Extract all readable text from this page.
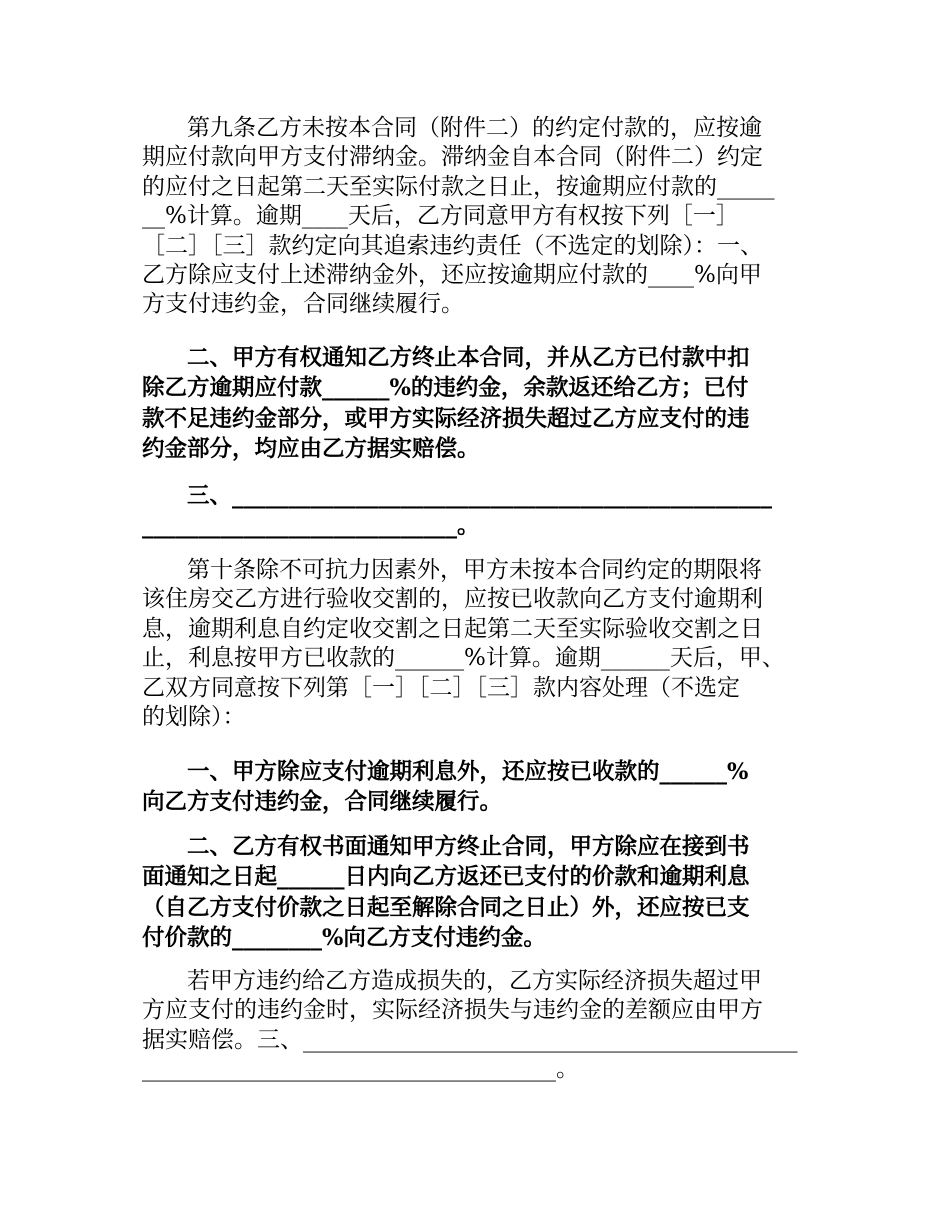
第九条乙方未按本合同（附件二）的约定付款的，应按逾
期应付款向甲方支付滞纳金。滞纳金自本合同（附件二）约定
的应付之日起第二天至实际付款之日止，按逾期应付款的_____
__%计算。逾期____天后，乙方同意甲方有权按下列［一］
［二］［三］款约定向其追索违约责任（不选定的划除）：一、
乙方除应支付上述滞纳金外，还应按逾期应付款的____%向甲
方支付违约金，合同继续履行。
二、甲方有权通知乙方终止本合同，并从乙方已付款中扣
除乙方逾期应付款______%的违约金，余款返还给乙方；已付
款不足违约金部分，或甲方实际经济损失超过乙方应支付的违
约金部分，均应由乙方据实赔偿。
三、________________________________________________
____________________________。
第十条除不可抗力因素外，甲方未按本合同约定的期限将
该住房交乙方进行验收交割的，应按已收款向乙方支付逾期利
息，逾期利息自约定收交割之日起第二天至实际验收交割之日
止，利息按甲方已收款的______%计算。逾期______天后，甲、
乙双方同意按下列第［一］［二］［三］款内容处理（不选定
的划除）：
一、甲方除应支付逾期利息外，还应按已收款的______%
向乙方支付违约金，合同继续履行。
二、乙方有权书面通知甲方终止合同，甲方除应在接到书
面通知之日起______日内向乙方返还已支付的价款和逾期利息
（自乙方支付价款之日起至解除合同之日止）外，还应按已支
付价款的________%向乙方支付违约金。
若甲方违约给乙方造成损失的，乙方实际经济损失超过甲
方应支付的违约金时，实际经济损失与违约金的差额应由甲方
据实赔偿。三、___________________________________________
____________________________________。
